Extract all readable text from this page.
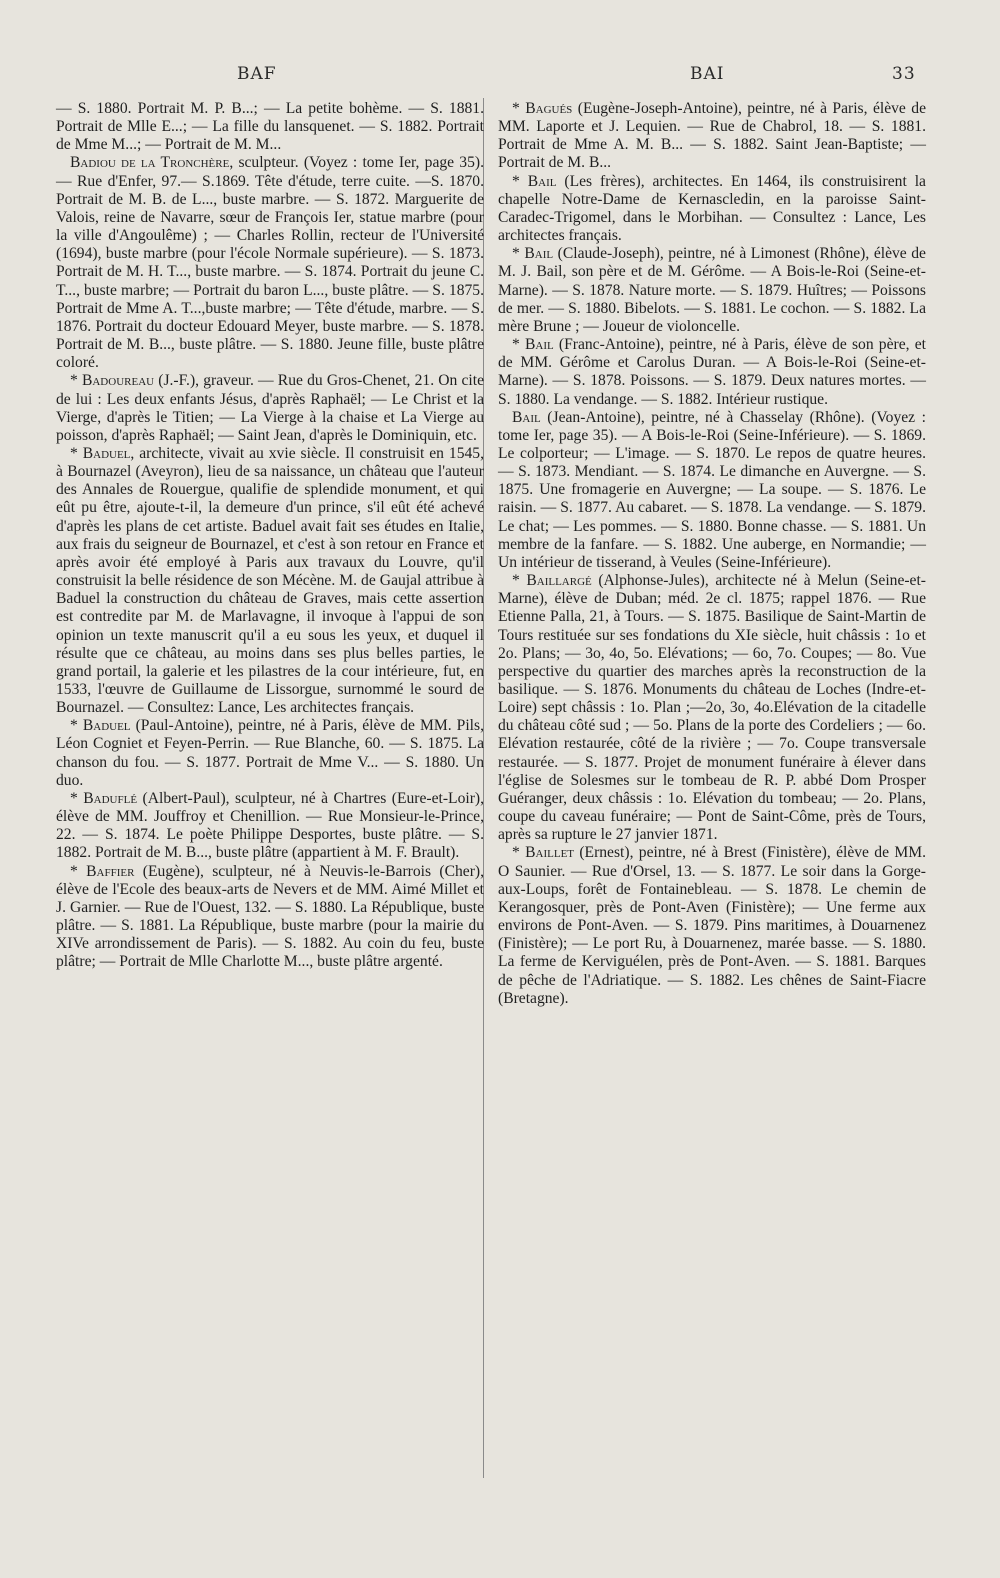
BAF	BAI	33

— S. 1880. Portrait M. P. B...; — La petite bohème. — S. 1881. Portrait de Mlle E...; — La fille du lansquenet. — S. 1882. Portrait de Mme M...; — Portrait de M. M...

Badiou de la Tronchère, sculpteur. (Voyez : tome Ier, page 35).— Rue d'Enfer, 97.— S.1869. Tête d'étude, terre cuite. —S. 1870. Portrait de M. B. de L..., buste marbre. — S. 1872. Marguerite de Valois, reine de Navarre, sœur de François Ier, statue marbre (pour la ville d'Angoulême) ; — Charles Rollin, recteur de l'Université (1694), buste marbre (pour l'école Normale supérieure). — S. 1873. Portrait de M. H. T..., buste marbre. — S. 1874. Portrait du jeune C. T..., buste marbre; — Portrait du baron L..., buste plâtre. — S. 1875. Portrait de Mme A. T...,buste marbre; — Tête d'étude, marbre. — S. 1876. Portrait du docteur Edouard Meyer, buste marbre. — S. 1878. Portrait de M. B..., buste plâtre. — S. 1880. Jeune fille, buste plâtre coloré.

* Badoureau (J.-F.), graveur. — Rue du Gros-Chenet, 21. On cite de lui : Les deux enfants Jésus, d'après Raphaël; — Le Christ et la Vierge, d'après le Titien; — La Vierge à la chaise et La Vierge au poisson, d'après Raphaël; — Saint Jean, d'après le Dominiquin, etc.

* Baduel, architecte, vivait au xvie siècle. Il construisit en 1545, à Bournazel (Aveyron), lieu de sa naissance, un château que l'auteur des Annales de Rouergue, qualifie de splendide monument, et qui eût pu être, ajoute-t-il, la demeure d'un prince, s'il eût été achevé d'après les plans de cet artiste. Baduel avait fait ses études en Italie, aux frais du seigneur de Bournazel, et c'est à son retour en France et après avoir été employé à Paris aux travaux du Louvre, qu'il construisit la belle résidence de son Mécène. M. de Gaujal attribue à Baduel la construction du château de Graves, mais cette assertion est contredite par M. de Marlavagne, il invoque à l'appui de son opinion un texte manuscrit qu'il a eu sous les yeux, et duquel il résulte que ce château, au moins dans ses plus belles parties, le grand portail, la galerie et les pilastres de la cour intérieure, fut, en 1533, l'œuvre de Guillaume de Lissorgue, surnommé le sourd de Bournazel. — Consultez: Lance, Les architectes français.

* Baduel (Paul-Antoine), peintre, né à Paris, élève de MM. Pils, Léon Cogniet et Feyen-Perrin. — Rue Blanche, 60. — S. 1875. La chanson du fou. — S. 1877. Portrait de Mme V... — S. 1880. Un duo.

* Baduflé (Albert-Paul), sculpteur, né à Chartres (Eure-et-Loir), élève de MM. Jouffroy et Chenillion. — Rue Monsieur-le-Prince, 22. — S. 1874. Le poète Philippe Desportes, buste plâtre. — S. 1882. Portrait de M. B..., buste plâtre (appartient à M. F. Brault).

* Baffier (Eugène), sculpteur, né à Neuvis-le-Barrois (Cher), élève de l'Ecole des beaux-arts de Nevers et de MM. Aimé Millet et J. Garnier. — Rue de l'Ouest, 132. — S. 1880. La République, buste plâtre. — S. 1881. La République, buste marbre (pour la mairie du XIVe arrondissement de Paris). — S. 1882. Au coin du feu, buste plâtre; — Portrait de Mlle Charlotte M..., buste plâtre argenté.

* Bagués (Eugène-Joseph-Antoine), peintre, né à Paris, élève de MM. Laporte et J. Lequien. — Rue de Chabrol, 18. — S. 1881. Portrait de Mme A. M. B... — S. 1882. Saint Jean-Baptiste; — Portrait de M. B...

* Bail (Les frères), architectes. En 1464, ils construisirent la chapelle Notre-Dame de Kernascledin, en la paroisse Saint-Caradec-Trigomel, dans le Morbihan. — Consultez : Lance, Les architectes français.

* Bail (Claude-Joseph), peintre, né à Limonest (Rhône), élève de M. J. Bail, son père et de M. Gérôme. — A Bois-le-Roi (Seine-et-Marne). — S. 1878. Nature morte. — S. 1879. Huîtres; — Poissons de mer. — S. 1880. Bibelots. — S. 1881. Le cochon. — S. 1882. La mère Brune ; — Joueur de violoncelle.

* Bail (Franc-Antoine), peintre, né à Paris, élève de son père, et de MM. Gérôme et Carolus Duran. — A Bois-le-Roi (Seine-et-Marne). — S. 1878. Poissons. — S. 1879. Deux natures mortes. — S. 1880. La vendange. — S. 1882. Intérieur rustique.

Bail (Jean-Antoine), peintre, né à Chasselay (Rhône). (Voyez : tome Ier, page 35). — A Bois-le-Roi (Seine-Inférieure). — S. 1869. Le colporteur; — L'image. — S. 1870. Le repos de quatre heures. — S. 1873. Mendiant. — S. 1874. Le dimanche en Auvergne. — S. 1875. Une fromagerie en Auvergne; — La soupe. — S. 1876. Le raisin. — S. 1877. Au cabaret. — S. 1878. La vendange. — S. 1879. Le chat; — Les pommes. — S. 1880. Bonne chasse. — S. 1881. Un membre de la fanfare. — S. 1882. Une auberge, en Normandie; — Un intérieur de tisserand, à Veules (Seine-Inférieure).

* Baillargé (Alphonse-Jules), architecte né à Melun (Seine-et-Marne), élève de Duban; méd. 2e cl. 1875; rappel 1876. — Rue Etienne Palla, 21, à Tours. — S. 1875. Basilique de Saint-Martin de Tours restituée sur ses fondations du XIe siècle, huit châssis : 1o et 2o. Plans; — 3o, 4o, 5o. Elévations; — 6o, 7o. Coupes; — 8o. Vue perspective du quartier des marches après la reconstruction de la basilique. — S. 1876. Monuments du château de Loches (Indre-et-Loire) sept châssis : 1o. Plan ;—2o, 3o, 4o.Elévation de la citadelle du château côté sud ; — 5o. Plans de la porte des Cordeliers ; — 6o. Elévation restaurée, côté de la rivière ; — 7o. Coupe transversale restaurée. — S. 1877. Projet de monument funéraire à élever dans l'église de Solesmes sur le tombeau de R. P. abbé Dom Prosper Guéranger, deux châssis : 1o. Elévation du tombeau; — 2o. Plans, coupe du caveau funéraire; — Pont de Saint-Côme, près de Tours, après sa rupture le 27 janvier 1871.

* Baillet (Ernest), peintre, né à Brest (Finistère), élève de MM. O Saunier. — Rue d'Orsel, 13. — S. 1877. Le soir dans la Gorge-aux-Loups, forêt de Fontainebleau. — S. 1878. Le chemin de Kerangosquer, près de Pont-Aven (Finistère); — Une ferme aux environs de Pont-Aven. — S. 1879. Pins maritimes, à Douarnenez (Finistère); — Le port Ru, à Douarnenez, marée basse. — S. 1880. La ferme de Kerviguélen, près de Pont-Aven. — S. 1881. Barques de pêche de l'Adriatique. — S. 1882. Les chênes de Saint-Fiacre (Bretagne).
